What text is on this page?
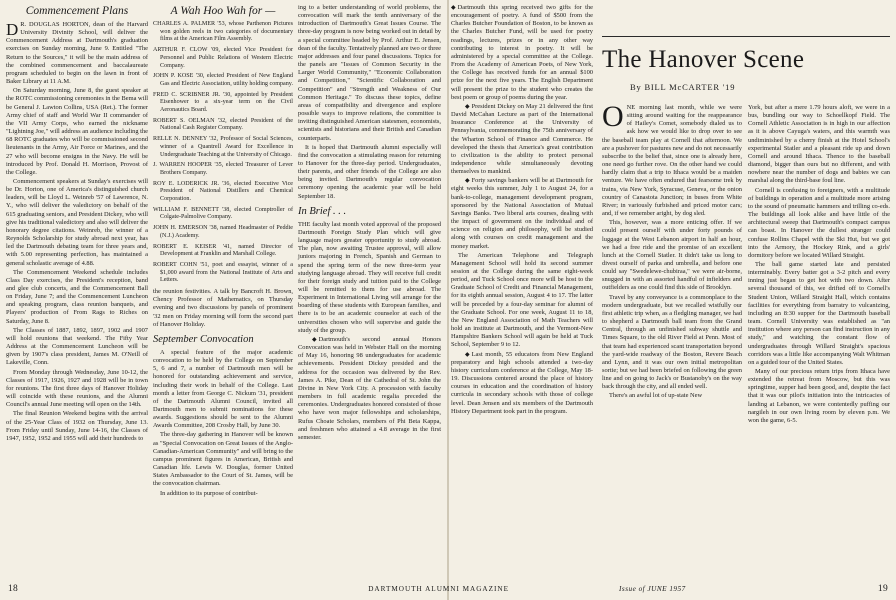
Commencement Plans

D R. DOUGLAS HORTON, dean of the Harvard University Divinity School, will deliver the Commencement Address at Dartmouth's graduation exercises on Sunday morning, June 9. Entitled "The Return to the Sources," it will be the main address of the combined commencement and baccalaureate program scheduled to begin on the lawn in front of Baker Library at 11 A.M.

On Saturday morning, June 8, the guest speaker at the ROTC commissioning ceremonies in the Bema will be General J. Lawton Collins, USA (Ret.). The former Army chief of staff and World War II commander of the VII Army Corps, who earned the nickname "Lightning Joe," will address an audience including the 68 ROTC graduates who will be commissioned second lieutenants in the Army, Air Force or Marines, and the 27 who will become ensigns in the Navy. He will be introduced by Prof. Donald H. Morrison, Provost of the College.

Commencement speakers at Sunday's exercises will be Dr. Horton, one of America's distinguished church leaders, will be Lloyd L. Weinreb '57 of Lawrence, N. Y., who will deliver the valedictory on behalf of the 615 graduating seniors, and President Dickey, who will give his traditional valedictory and also will deliver the honorary degree citations. Weinreb, the winner of a Reynolds Scholarship for study abroad next year, has led the Dartmouth debating team for three years and, with 5.00 representing perfection, has maintained a general scholastic average of 4.88.

The Commencement Weekend schedule includes Class Day exercises, the President's reception, band and glee club concerts, and the Commencement Ball on Friday, June 7; and the Commencement Luncheon and speaking program, class reunion banquets, and Players' production of From Rags to Riches on Saturday, June 8.

The Classes of 1887, 1892, 1897, 1902 and 1907 will hold reunions that weekend. The Fifty Year Address at the Commencement Luncheon will be given by 1907's class president, James M. O'Neill of Lakeville, Conn.

From Monday through Wednesday, June 10-12, the Classes of 1917, 1926, 1927 and 1928 will be in town for reunions. The first three days of Hanover Holiday will coincide with these reunions, and the Alumni Council's annual June meeting will open on the 14th.

The final Reunion Weekend begins with the arrival of the 25-Year Class of 1932 on Thursday, June 13. From Friday until Sunday, June 14-16, the Classes of 1947, 1952, 1952 and 1955 will add their hundreds to

A Wah Hoo Wah for —

CHARLES A. PALMER '53, whose Parthenon Pictures won golden reels in two categories of documentary films at the American Film Assembly.

ARTHUR F. CLOW '09, elected Vice President for Personnel and Public Relations of Western Electric Company.

JOHN P. KOSE '30, elected President of New England Gas and Electric Association, utility holding company.

FRED C. SCRIBNER JR. '30, appointed by President Eisenhower to a six-year term on the Civil Aeronautics Board.

ROBERT S. OELMAN '32, elected President of the National Cash Register Company.

RELLE N. DENNEY '32, Professor of Social Sciences, winner of a Quantrell Award for Excellence in Undergraduate Teaching at the University of Chicago.

J. WARREN HOOPER '35, elected Treasurer of Lever Brothers Company.

ROY E. LODERICK JR. '36, elected Executive Vice President of National Distillers and Chemical Corporation.

WILLIAM F. BENNETT '38, elected Comptroller of Colgate-Palmolive Company.

JOHN H. EMERSON '38, named Headmaster of Peddie (N.J.) Academy.

ROBERT E. KEISER '41, named Director of Development at Franklin and Marshall College.

ROBERT COHN '51, poet and essayist, winner of a $1,000 award from the National Institute of Arts and Letters.

the reunion festivities. A talk by Bancroft H. Brown, Chency Professor of Mathematics, on Thursday evening and two discussions by panels of prominent '32 men on Friday morning will form the second part of Hanover Holiday.

September Convocation

A special feature of the major academic convocation to be held by the College on September 5, 6 and 7, a number of Dartmouth men will be honored for outstanding achievement and service, including their work in behalf of the College. Last month a letter from George C. Nickum '31, president of the Dartmouth Alumni Council, invited all Dartmouth men to submit nominations for these awards. Suggestions should be sent to the Alumni Awards Committee, 208 Crosby Hall, by June 30.

The three-day gathering in Hanover will be known as "Special Convocation on Great Issues of the Anglo-Canadian-American Community" and will bring to the campus prominent figures in American, British and Canadian life. Lewis W. Douglas, former United States Ambassador to the Court of St. James, will be the convocation chairman.

In addition to its purpose of contribut-

ing to a better understanding of world problems, the convocation will mark the tenth anniversary of the introduction of Dartmouth's Great Issues Course. The three-day program is now being worked out in detail by a special committee headed by Prof. Arthur E. Jensen, dean of the faculty. Tentatively planned are two or three major addresses and four panel discussions. Topics for the panels are "Issues of Common Security in the Larger World Community," "Economic Collaboration and Competition," "Scientific Collaboration and Competition" and "Strength and Weakness of Our Common Heritage." To discuss these topics, define areas of compatibility and divergence and explore possible ways to improve relations, the committee is inviting distinguished American statesmen, economists, scientists and historians and their British and Canadian counterparts.

It is hoped that Dartmouth alumni especially will find the convocation a stimulating reason for returning to Hanover for the three-day period. Undergraduates, their parents, and other friends of the College are also being invited. Dartmouth's regular convocation ceremony opening the academic year will be held September 18.

In Brief . . .

THE faculty last month voted approval of the proposed Dartmouth Foreign Study Plan which will give language majors greater opportunity to study abroad. The plan, now awaiting Trustee approval, will allow juniors majoring in French, Spanish and German to spend the spring term of the new three-term year studying language abroad. They will receive full credit for their foreign study and tuition paid to the College will be remitted to them for use abroad. The Experiment in International Living will arrange for the boarding of these students with European families, and there is to be an academic counselor at each of the universities chosen who will supervise and guide the study of the group.

◆ Dartmouth's second annual Honors Convocation was held in Webster Hall on the morning of May 16, honoring 98 undergraduates for academic achievements. President Dickey presided and the address for the occasion was delivered by the Rev. James A. Pike, Dean of the Cathedral of St. John the Divine in New York City. A procession with faculty members in full academic regalia preceded the ceremonies. Undergraduates honored consisted of those who have won major fellowships and scholarships, Rufus Choate Scholars, members of Phi Beta Kappa, and freshmen who attained a 4.8 average in the first semester.

18

◆ Dartmouth this spring received two gifts for the encouragement of poetry. A fund of $500 from the Charles Butcher Foundation of Boston, to be known as the Charles Butcher Fund, will be used for poetry readings, lectures, prizes or in any other way contributing to interest in poetry. It will be administered by a special committee at the College. From the Academy of American Poets, of New York, the College has received funds for an annual $100 prize for the next five years. The English Department will present the prize to the student who creates the best poem or group of poems during the year.

◆ President Dickey on May 21 delivered the first David McCahan Lecture as part of the International Insurance Conference at the University of Pennsylvania, commemorating the 75th anniversary of the Wharton School of Finance and Commerce. He developed the thesis that America's great contribution to civilization is the ability to protect personal independence while simultaneously devoting themselves to mankind.

◆ Forty savings bankers will be at Dartmouth for eight weeks this summer, July 1 to August 24, for a bank-to-college, management development program, sponsored by the National Association of Mutual Savings Banks. Two liberal arts courses, dealing with the impact of government on the individual and of science on religion and philosophy, will be studied along with courses on credit management and the money market.

The American Telephone and Telegraph Management School will hold its second summer session at the College during the same eight-week period, and Tuck School once more will be host to the Graduate School of Credit and Financial Management, for its eighth annual session, August 4 to 17. The latter will be preceded by a four-day seminar for alumni of the Graduate School. For one week, August 11 to 18, the New England Association of Math Teachers will hold an institute at Dartmouth, and the Vermont-New Hampshire Bankers School will again be held at Tuck School, September 9 to 12.

◆ Last month, 55 educators from New England preparatory and high schools attended a two-day history curriculum conference at the College, May 18-19. Discussions centered around the place of history courses in education and the coordination of history curricula in secondary schools with those of college level. Dean Jensen and six members of the Dartmouth History Department took part in the program.

The Hanover Scene
By BILL McCARTER '19

ONE morning last month, while we were sitting around waiting for the reappearance of Hailey's Comet, somebody dialed us to ask how we would like to drop over to see the baseball team play at Cornell that afternoon. We are a pushover for pastures new and do not necessarily subscribe to the belief that, since one is already here, one need go further rove. On the other hand we could hardly claim that a trip to Ithaca would be a maiden venture. We have often endured that fearsome trek by trains, via New York, Syracuse, Geneva, or the onion country of Canastota Junction; in buses from White River; in variously furbished and priced motor cars; and, if we remember aright, by dog sled.

This, however, was a more enticing offer. If we could present ourself with under forty pounds of luggage at the West Lebanon airport in half an hour, we had a free ride and the promise of an excellent lunch at the Cornell Statler. It didn't take us long to divest ourself of parka and umbrella, and before one could say "Swedelewe-chubiraa," we were air-borne, snugged in with an assorted handful of infielders and outfielders as one could find this side of Brooklyn.

Travel by any conveyance is a commonplace to the modern undergraduate, but we recalled wistfully our first athletic trip when, as a fledgling manager, we had to shepherd a Dartmouth ball team from the Grand Central, through an unfinished subway shuttle and Times Square, to the old River Field at Penn. Most of that team had experienced scant transportation beyond the yard-wide roadway of the Boston, Revere Beach and Lynn, and it was our own initial metropolitan sortie; but we had been briefed on following the green line and on going to Jack's or Bustanoby's on the way back through the city, and all ended well.

There's an awful lot of up-state New

York, but after a mere 1.79 hours aloft, we were in a bus, bundling our way to Schoellkopf Field. The Cornell Athletic Association is in high in our affection as it is above Cayuga's waters, and this warmth was undiminished by a cherry finish at the Hotel School's experimental Statler and a pleasant ride up and down Cornell and around Ithaca. Thence to the baseball diamond, bigger than ours but no different, and with nowhere near the number of dogs and babies we can marshal along the third-base foul line.

Cornell is confusing to foreigners, with a multitude of buildings in operation and a multitude more arising to the sound of pneumatic hammers and trilling co-eds. The buildings all look alike and have little of the architectural sweep that Dartmouth's compact campus can boast. In Hanover the dullest stranger could confuse Rollins Chapel with the Ski Hut, but we got into the Armory, the Hockey Rink, and a girls' dormitory before we located Willard Straight.

The ball game started late and persisted interminably. Every batter got a 3-2 pitch and every inning just began to get hot with two down. After several thousand of this, we drifted off to Cornell's Student Union, Willard Straight Hall, which contains facilities for everything from barratry to vulcanizing, including an 8:30 supper for the Dartmouth baseball team. Cornell University was established as "an institution where any person can find instruction in any study," and watching the constant flow of undergraduates through Willard Straight's spacious corridors was a little like accompanying Walt Whitman on a guided tour of the United States.

Many of our precious return trips from Ithaca have extended the retreat from Moscow, but this was springtime, supper had been good, and, despite the fact that it was our pilot's initiation into the intricacies of landing at Lebanon, we were contentedly puffing our nargileh in our own living room by eleven p.m. We won the game, 6-5.

DARTMOUTH ALUMNI MAGAZINE	Issue of JUNE 1957	19
